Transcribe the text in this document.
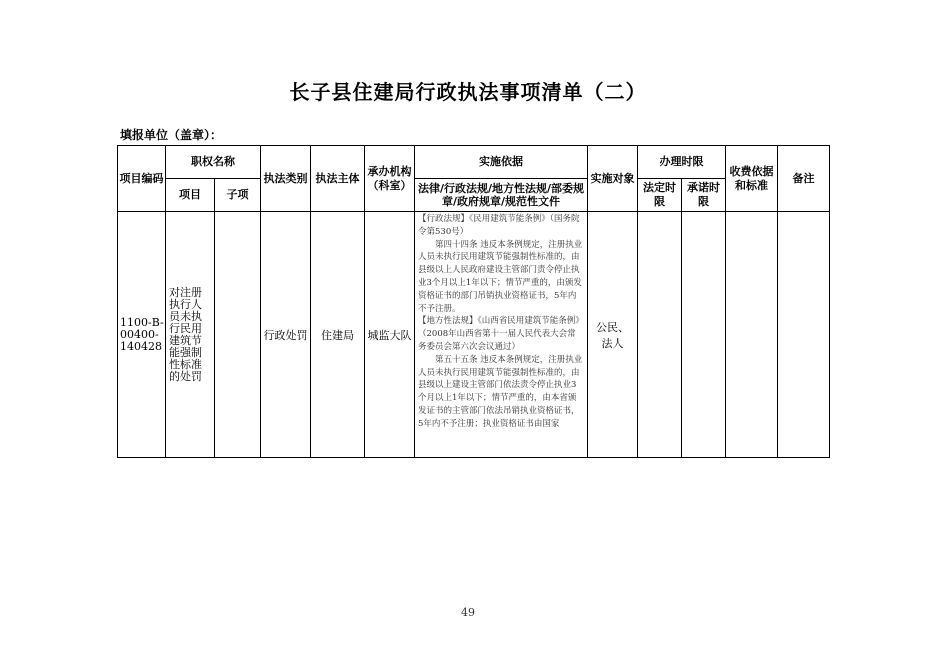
长子县住建局行政执法事项清单（二）
填报单位（盖章）：
项目编码	职权名称		执法类别	执法主体	承办机构（科室）	实施依据	实施对象	办理时限		收费依据和标准	备注
	项目	子项				法律/行政法规/地方性法规/部委规章/政府规章/规范性文件		法定时限	承诺时限		
1100-B-00400-140428	对注册执行人员未执行民用建筑节能强制性标准的处罚		行政处罚	住建局	城监大队	【行政法规】《民用建筑节能条例》（国务院令第530号）

第四十四条 违反本条例规定，注册执业人员未执行民用建筑节能强制性标准的，由县级以上人民政府建设主管部门责令停止执业3个月以上1年以下；情节严重的，由颁发资格证书的部门吊销执业资格证书，5年内不予注册。

【地方性法规】《山西省民用建筑节能条例》（2008年山西省第十一届人民代表大会常务委员会第六次会议通过）

第五十五条 违反本条例规定，注册执业人员未执行民用建筑节能强制性标准的，由县级以上建设主管部门依法责令停止执业3个月以上1年以下；情节严重的，由本省颁发证书的主管部门依法吊销执业资格证书，5年内不予注册；执业资格证书由国家	公民、法人				
49
